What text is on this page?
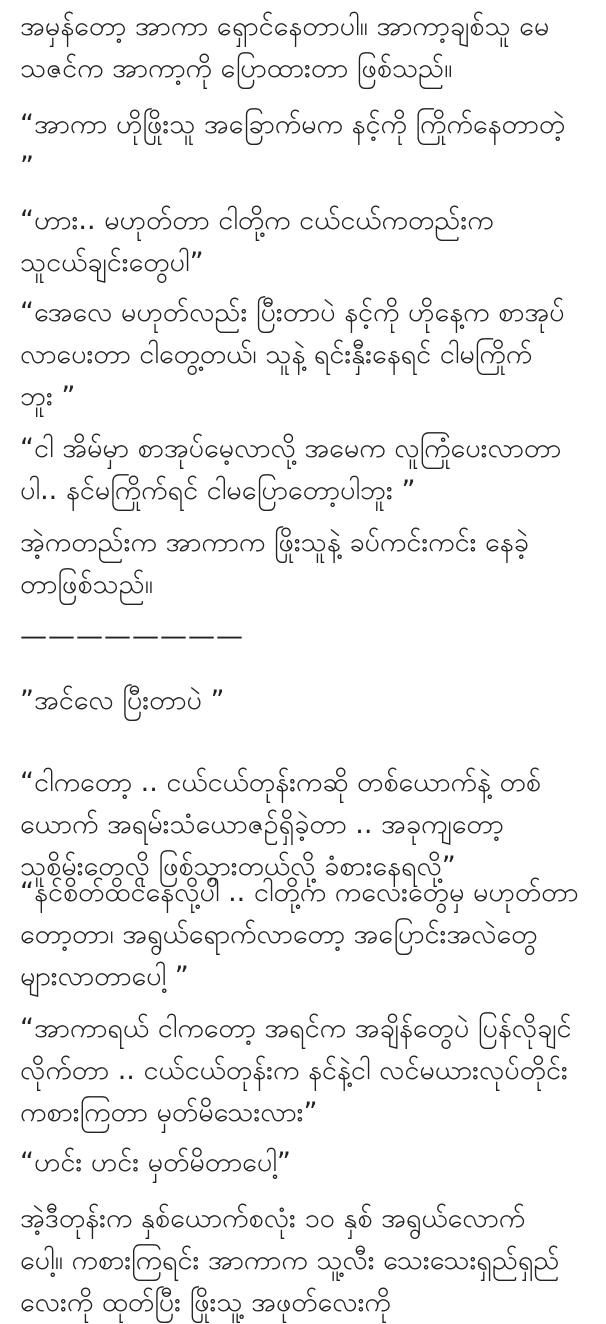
အမှန်တော့ အာကာ ရှောင်နေတာပါ။ အာကာ့ချစ်သူ မေ
သဇင်က အာကာ့ကို ပြောထားတာ ဖြစ်သည်။

“အာကာ ဟိုဖြိုးသူ အခြောက်မက နင့်ကို ကြိုက်နေတာတဲ့
”

“ဟား.. မဟုတ်တာ ငါတို့က ငယ်ငယ်ကတည်းက
သူငယ်ချင်းတွေပါ”

“အေလေ မဟုတ်လည်း ပြီးတာပဲ နင့်ကို ဟိုနေ့က စာအုပ်
လာပေးတာ ငါတွေ့တယ်၊ သူနဲ့ ရင်းနှီးနေရင် ငါမကြိုက်
ဘူး ”

“ငါ အိမ်မှာ စာအုပ်မေ့လာလို့ အမေက လူကြုံပေးလာတာ
ပါ.. နင်မကြိုက်ရင် ငါမပြောတော့ပါဘူး ”

အဲ့ကတည်းက အာကာက ဖြိုးသူနဲ့ ခပ်ကင်းကင်း နေခဲ့
တာဖြစ်သည်။

————————

”အင်လေ ပြီးတာပဲ ”

“ငါကတော့ .. ငယ်ငယ်တုန်းကဆို တစ်ယောက်နဲ့ တစ်
ယောက် အရမ်းသံယောဇဉ်ရှိခဲ့တာ .. အခုကျတော့
သူစိမ်းတွေလို ဖြစ်သွားတယ်လို့ ခံစားနေရလို့”

“နင်စိတ်ထင်နေလို့ပါ .. ငါတို့က ကလေးတွေမှ မဟုတ်တာ
တော့တာ၊ အရွယ်ရောက်လာတော့ အပြောင်းအလဲတွေ
များလာတာပေါ့ ”

“အာကာရယ် ငါကတော့ အရင်က အချိန်တွေပဲ ပြန်လိုချင်
လိုက်တာ .. ငယ်ငယ်တုန်းက နင်နဲ့ငါ လင်မယားလုပ်တိုင်း
ကစားကြတာ မှတ်မိသေးလား”

“ဟင်း ဟင်း မှတ်မိတာပေါ့”

အဲ့ဒီတုန်းက နှစ်ယောက်စလုံး ၁၀ နှစ် အရွယ်လောက်
ပေါ့။ ကစားကြရင်း အာကာက သူ့လီး သေးသေးရှည်ရှည်
လေးကို ထုတ်ပြီး ဖြိုးသူ့ အဖုတ်လေးကို
